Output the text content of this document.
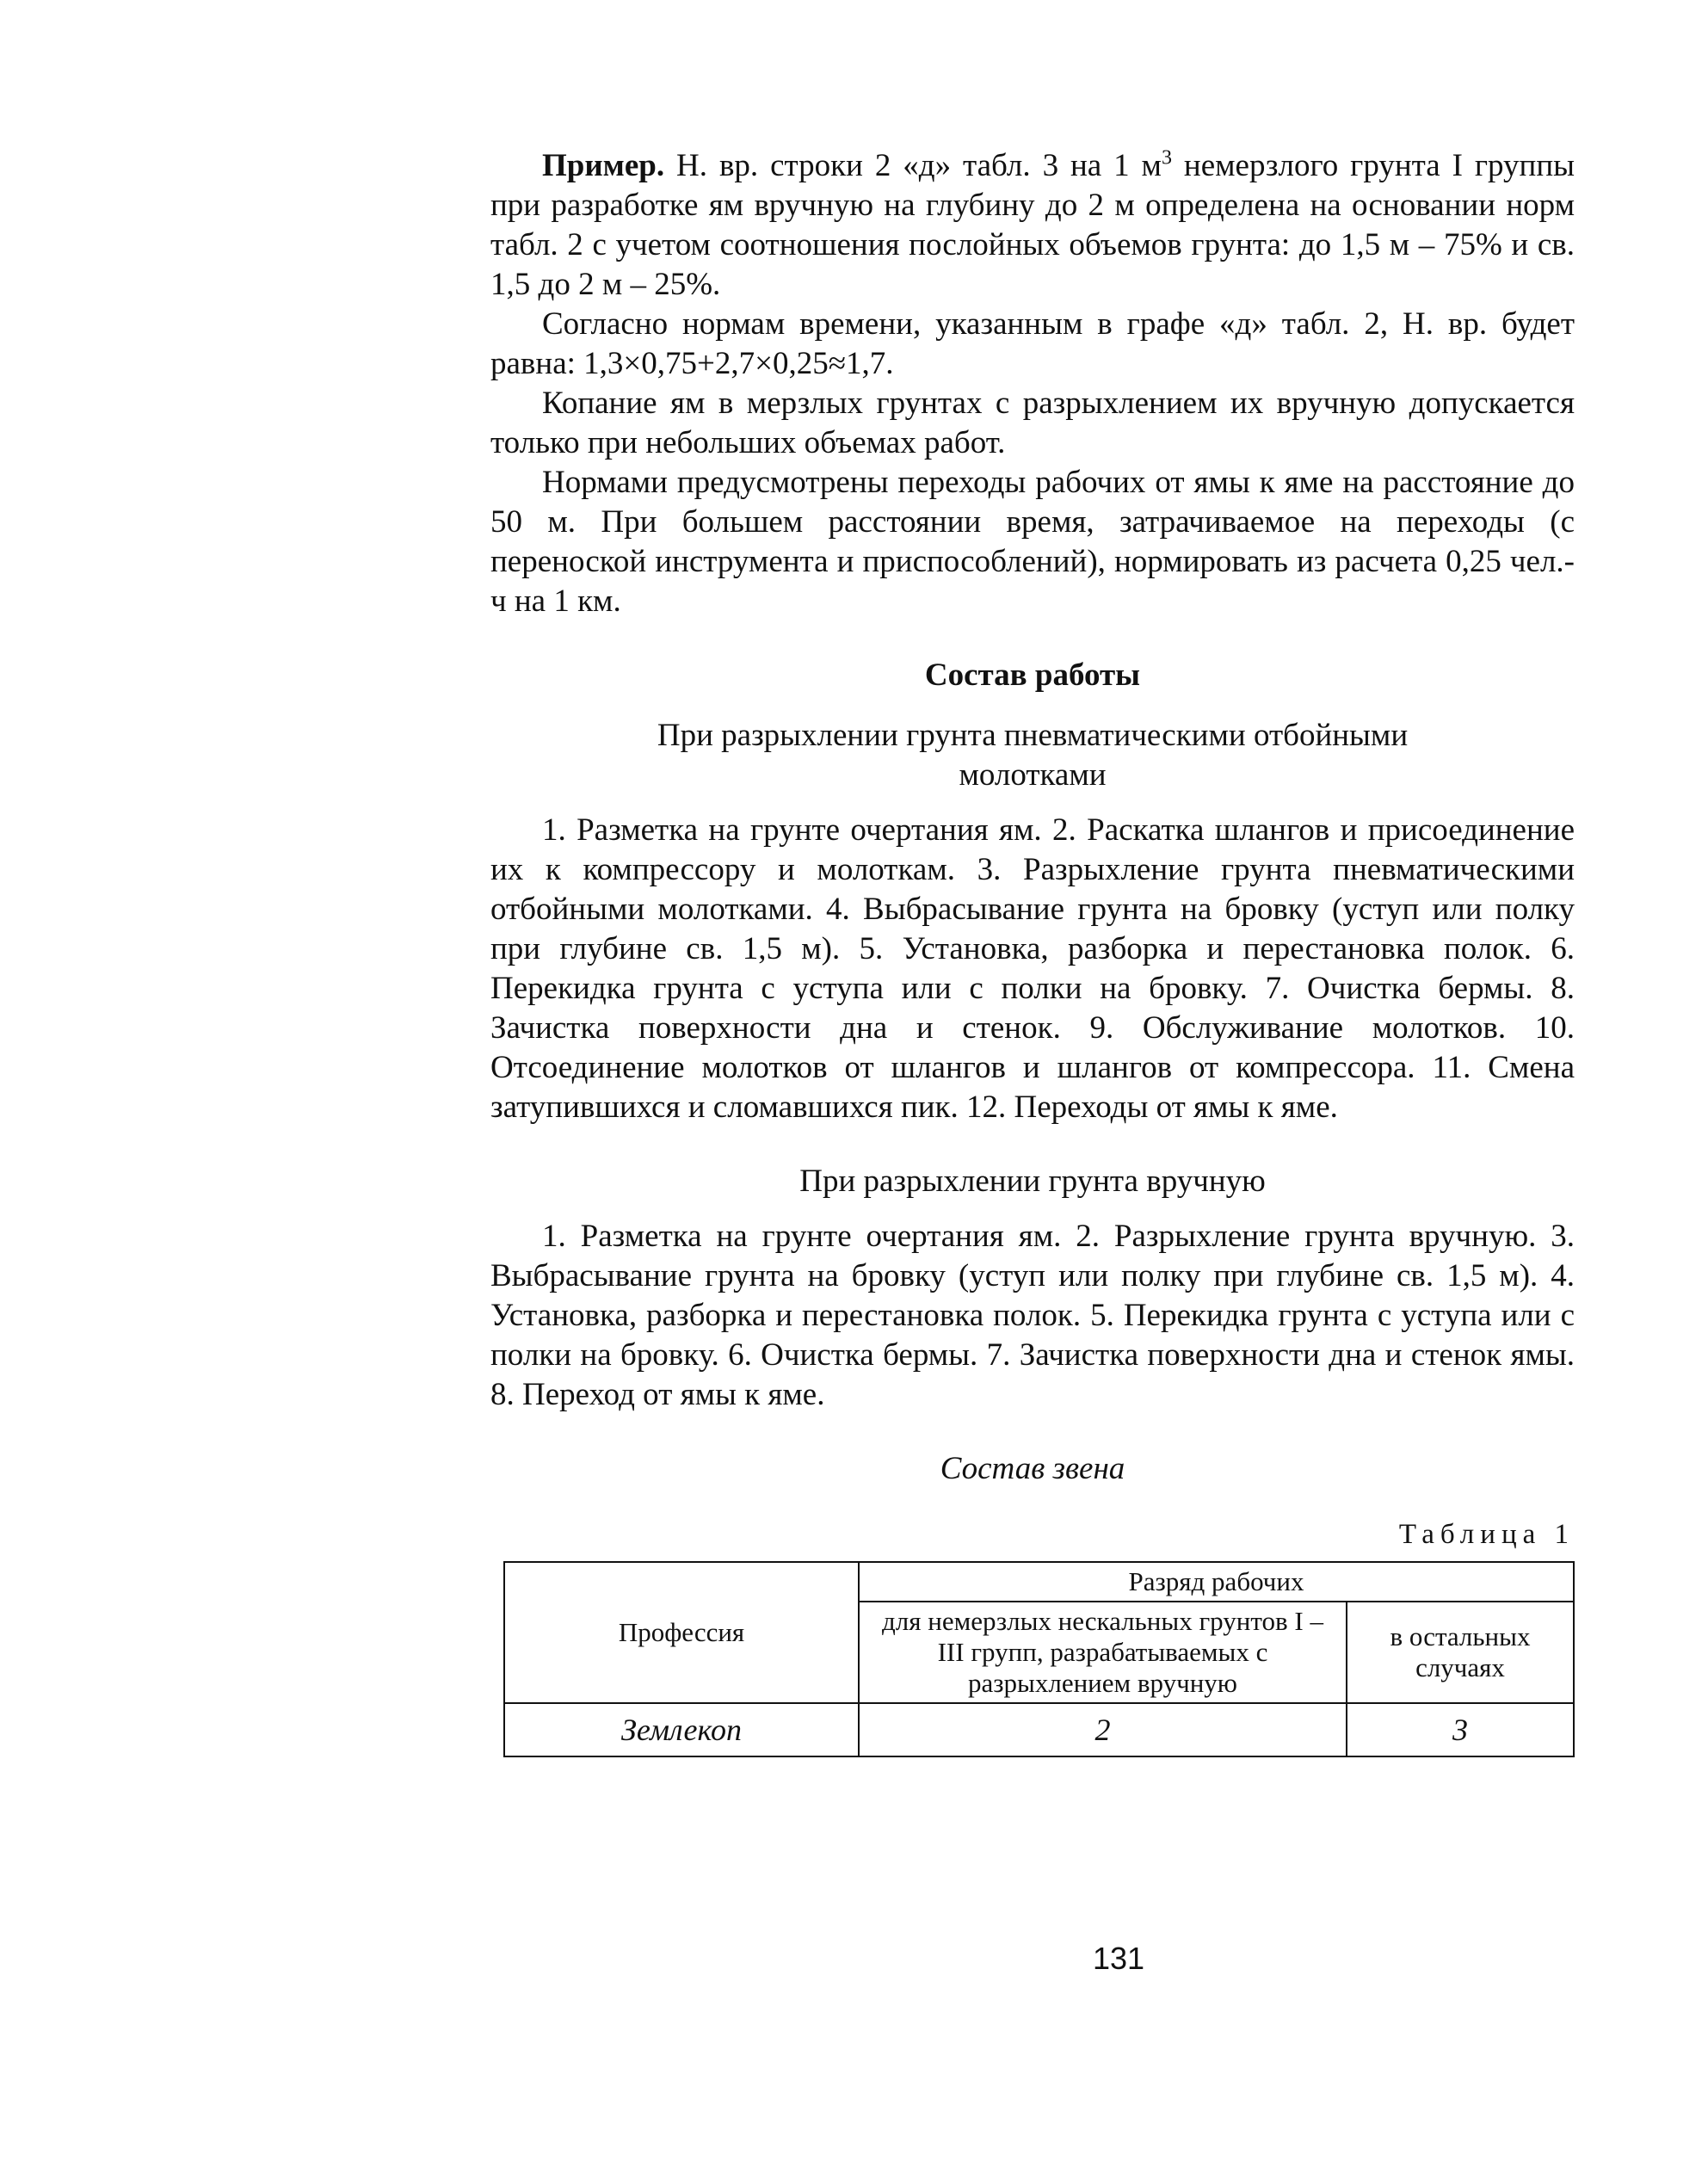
Пример. Н. вр. строки 2 «д» табл. 3 на 1 $м^3$ немерзлого грунта I группы при разработке ям вручную на глубину до 2 м определена на основании норм табл. 2 с учетом соотношения послойных объемов грунта: до 1,5 м – 75% и св. 1,5 до 2 м – 25%.

Согласно нормам времени, указанным в графе «д» табл. 2, Н. вр. будет равна: 1,3×0,75+2,7×0,25≈1,7.

Копание ям в мерзлых грунтах с разрыхлением их вручную допускается только при небольших объемах работ.

Нормами предусмотрены переходы рабочих от ямы к яме на расстояние до 50 м. При большем расстоянии время, затрачиваемое на переходы (с переноской инструмента и приспособлений), нормировать из расчета 0,25 чел.-ч на 1 км.

Состав работы
При разрыхлении грунта пневматическими отбойными молотками

1. Разметка на грунте очертания ям. 2. Раскатка шлангов и присоединение их к компрессору и молоткам. 3. Разрыхление грунта пневматическими отбойными молотками. 4. Выбрасывание грунта на бровку (уступ или полку при глубине св. 1,5 м). 5. Установка, разборка и перестановка полок. 6. Перекидка грунта с уступа или с полки на бровку. 7. Очистка бермы. 8. Зачистка поверхности дна и стенок. 9. Обслуживание молотков. 10. Отсоединение молотков от шлангов и шлангов от компрессора. 11. Смена затупившихся и сломавшихся пик. 12. Переходы от ямы к яме.

При разрыхлении грунта вручную

1. Разметка на грунте очертания ям. 2. Разрыхление грунта вручную. 3. Выбрасывание грунта на бровку (уступ или полку при глубине св. 1,5 м). 4. Установка, разборка и перестановка полок. 5. Перекидка грунта с уступа или с полки на бровку. 6. Очистка бермы. 7. Зачистка поверхности дна и стенок ямы. 8. Переход от ямы к яме.

Состав звена
Таблица 1
Профессия	Разряд рабочих	
	для немерзлых нескальных грунтов I – III групп, разрабатываемых с разрыхлением вручную	в остальных случаях
Землекоп	2	3
131
